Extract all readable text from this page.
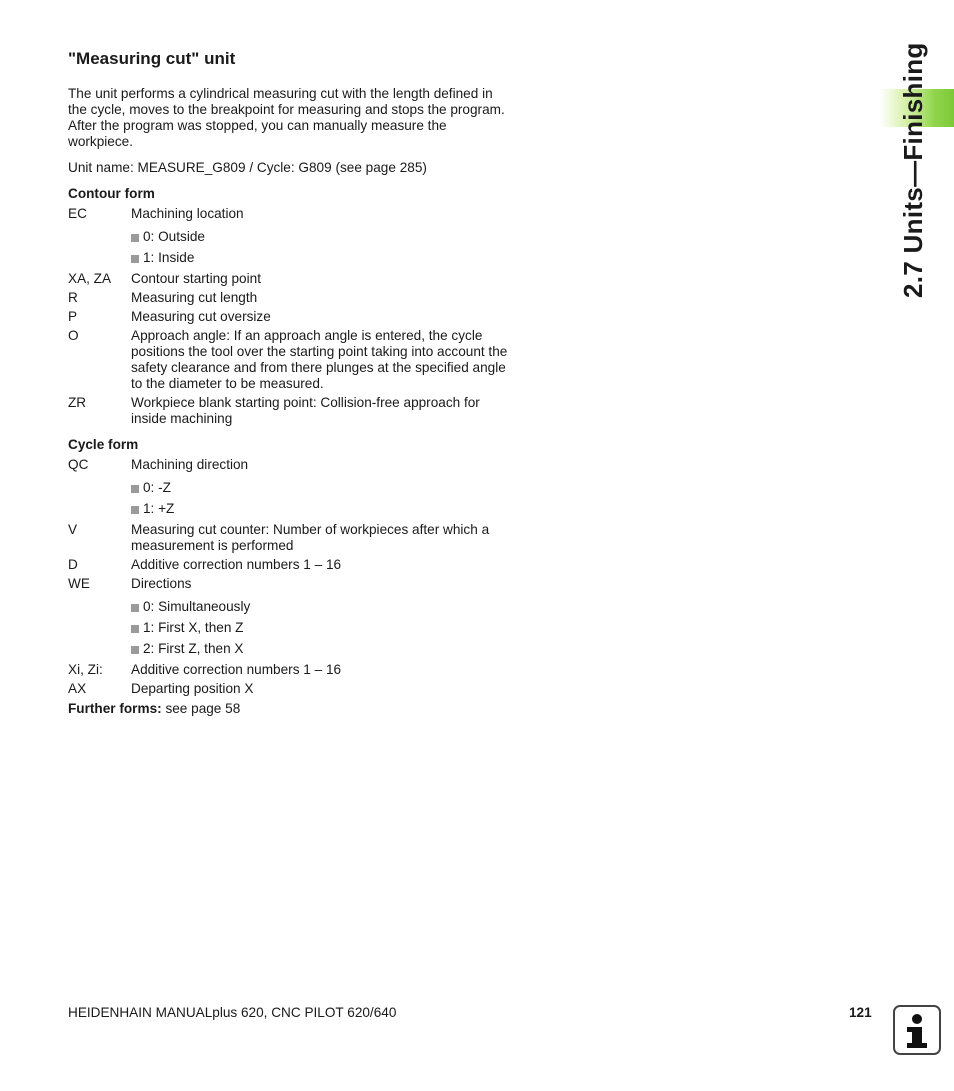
2.7 Units—Finishing
"Measuring cut" unit

The unit performs a cylindrical measuring cut with the length defined in the cycle, moves to the breakpoint for measuring and stops the program. After the program was stopped, you can manually measure the workpiece.

Unit name: MEASURE_G809 / Cycle: G809 (see page 285)

Contour form
EC	Machining location
0: Outside
1: Inside
XA, ZA	Contour starting point
R	Measuring cut length
P	Measuring cut oversize
O	Approach angle: If an approach angle is entered, the cycle positions the tool over the starting point taking into account the safety clearance and from there plunges at the specified angle to the diameter to be measured.
ZR	Workpiece blank starting point: Collision-free approach for inside machining
Cycle form
QC	Machining direction
0: -Z
1: +Z
V	Measuring cut counter: Number of workpieces after which a measurement is performed
D	Additive correction numbers 1 – 16
WE	Directions
0: Simultaneously
1: First X, then Z
2: First Z, then X
Xi, Zi:	Additive correction numbers 1 – 16
AX	Departing position X
Further forms: see page 58
HEIDENHAIN MANUALplus 620, CNC PILOT 620/640	121
